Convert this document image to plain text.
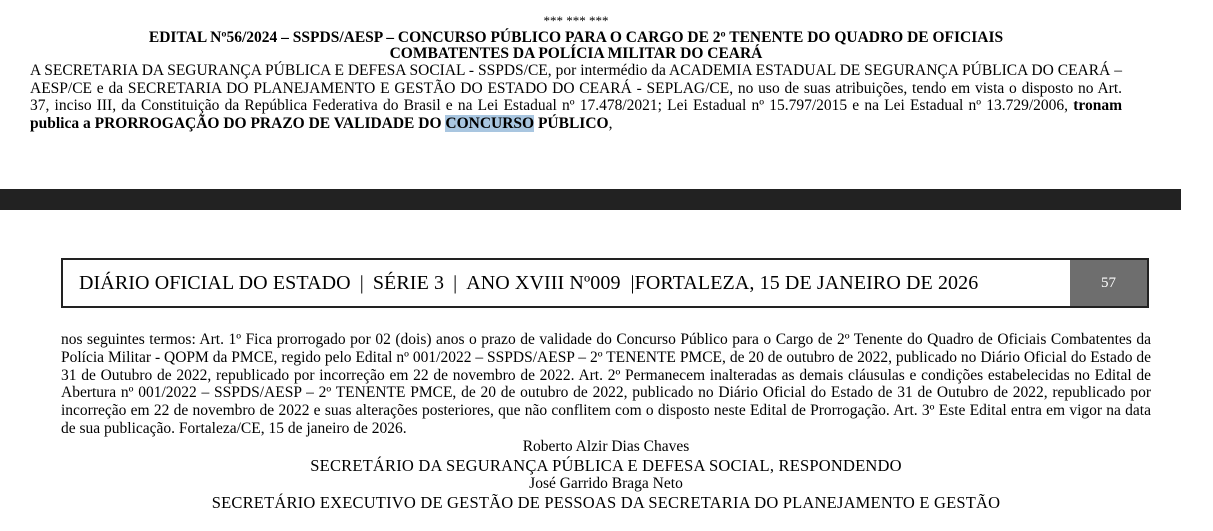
*** *** ***
EDITAL Nº56/2024 – SSPDS/AESP – CONCURSO PÚBLICO PARA O CARGO DE 2º TENENTE DO QUADRO DE OFICIAIS
COMBATENTES DA POLÍCIA MILITAR DO CEARÁ
A SECRETARIA DA SEGURANÇA PÚBLICA E DEFESA SOCIAL - SSPDS/CE, por intermédio da ACADEMIA ESTADUAL DE SEGURANÇA PÚBLICA DO CEARÁ – AESP/CE e da SECRETARIA DO PLANEJAMENTO E GESTÃO DO ESTADO DO CEARÁ - SEPLAG/CE, no uso de suas atribuições, tendo em vista o disposto no Art. 37, inciso III, da Constituição da República Federativa do Brasil e na Lei Estadual nº 17.478/2021; Lei Estadual nº 15.797/2015 e na Lei Estadual nº 13.729/2006, tronam publica a PRORROGAÇÃO DO PRAZO DE VALIDADE DO CONCURSO PÚBLICO,
DIÁRIO OFICIAL DO ESTADO | SÉRIE 3 | ANO XVIII Nº009 |FORTALEZA, 15 DE JANEIRO DE 2026	57
nos seguintes termos: Art. 1º Fica prorrogado por 02 (dois) anos o prazo de validade do Concurso Público para o Cargo de 2º Tenente do Quadro de Oficiais Combatentes da Polícia Militar - QOPM da PMCE, regido pelo Edital nº 001/2022 – SSPDS/AESP – 2º TENENTE PMCE, de 20 de outubro de 2022, publicado no Diário Oficial do Estado de 31 de Outubro de 2022, republicado por incorreção em 22 de novembro de 2022. Art. 2º Permanecem inalteradas as demais cláusulas e condições estabelecidas no Edital de Abertura nº 001/2022 – SSPDS/AESP – 2º TENENTE PMCE, de 20 de outubro de 2022, publicado no Diário Oficial do Estado de 31 de Outubro de 2022, republicado por incorreção em 22 de novembro de 2022 e suas alterações posteriores, que não conflitem com o disposto neste Edital de Prorrogação. Art. 3º Este Edital entra em vigor na data de sua publicação. Fortaleza/CE, 15 de janeiro de 2026.
Roberto Alzir Dias Chaves
SECRETÁRIO DA SEGURANÇA PÚBLICA E DEFESA SOCIAL, RESPONDENDO
José Garrido Braga Neto
SECRETÁRIO EXECUTIVO DE GESTÃO DE PESSOAS DA SECRETARIA DO PLANEJAMENTO E GESTÃO
